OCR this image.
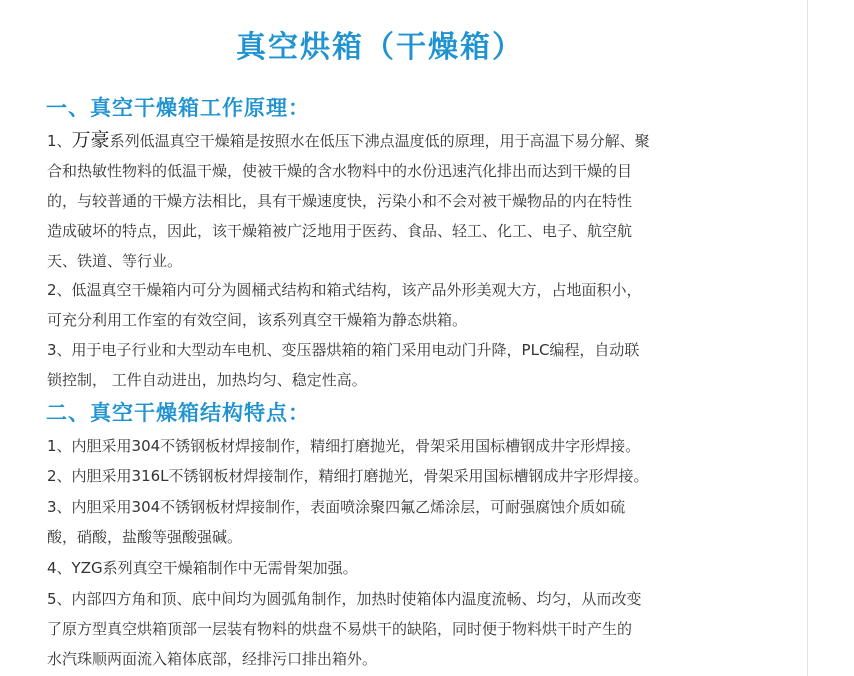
真空烘箱（干燥箱）
一、真空干燥箱工作原理：

1、万豪系列低温真空干燥箱是按照水在低压下沸点温度低的原理，用于高温下易分解、聚
合和热敏性物料的低温干燥，使被干燥的含水物料中的水份迅速汽化排出而达到干燥的目
的，与较普通的干燥方法相比，具有干燥速度快，污染小和不会对被干燥物品的内在特性
造成破坏的特点，因此，该干燥箱被广泛地用于医药、食品、轻工、化工、电子、航空航
天、铁道、等行业。

2、低温真空干燥箱内可分为圆桶式结构和箱式结构，该产品外形美观大方，占地面积小，
可充分利用工作室的有效空间，该系列真空干燥箱为静态烘箱。

3、用于电子行业和大型动车电机、变压器烘箱的箱门采用电动门升降，PLC编程，自动联
锁控制， 工件自动进出，加热均匀、稳定性高。

二、真空干燥箱结构特点：

1、内胆采用304不锈钢板材焊接制作，精细打磨抛光，骨架采用国标槽钢成井字形焊接。

2、内胆采用316L不锈钢板材焊接制作，精细打磨抛光，骨架采用国标槽钢成井字形焊接。

3、内胆采用304不锈钢板材焊接制作，表面喷涂聚四氟乙烯涂层，可耐强腐蚀介质如硫
酸，硝酸，盐酸等强酸强碱。

4、YZG系列真空干燥箱制作中无需骨架加强。

5、内部四方角和顶、底中间均为圆弧角制作，加热时使箱体内温度流畅、均匀，从而改变
了原方型真空烘箱顶部一层装有物料的烘盘不易烘干的缺陷，同时便于物料烘干时产生的
水汽珠顺两面流入箱体底部，经排污口排出箱外。
